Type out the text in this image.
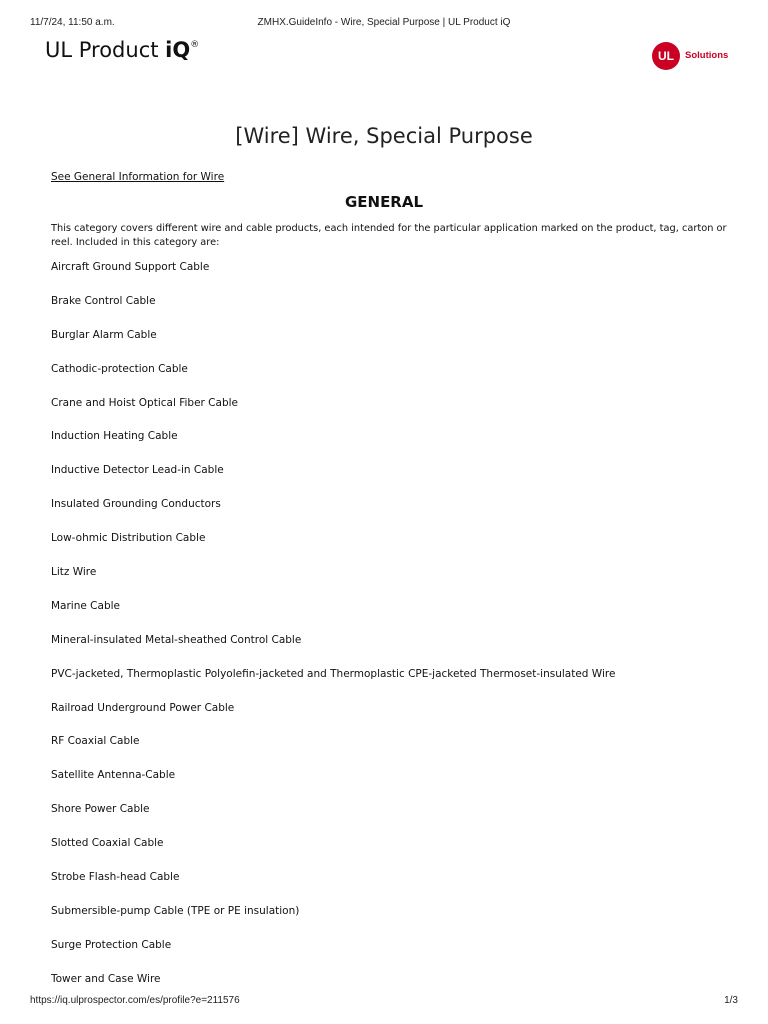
11/7/24, 11:50 a.m.	ZMHX.GuideInfo - Wire, Special Purpose | UL Product iQ
UL Product iQ®
UL	Solutions
[Wire] Wire, Special Purpose
See General Information for Wire
GENERAL

This category covers different wire and cable products, each intended for the particular application marked on the product, tag, carton or reel. Included in this category are:

Aircraft Ground Support Cable
Brake Control Cable
Burglar Alarm Cable
Cathodic-protection Cable
Crane and Hoist Optical Fiber Cable
Induction Heating Cable
Inductive Detector Lead-in Cable
Insulated Grounding Conductors
Low-ohmic Distribution Cable
Litz Wire
Marine Cable
Mineral-insulated Metal-sheathed Control Cable
PVC-jacketed, Thermoplastic Polyolefin-jacketed and Thermoplastic CPE-jacketed Thermoset-insulated Wire
Railroad Underground Power Cable
RF Coaxial Cable
Satellite Antenna-Cable
Shore Power Cable
Slotted Coaxial Cable
Strobe Flash-head Cable
Submersible-pump Cable (TPE or PE insulation)
Surge Protection Cable
Tower and Case Wire
https://iq.ulprospector.com/es/profile?e=211576	1/3
